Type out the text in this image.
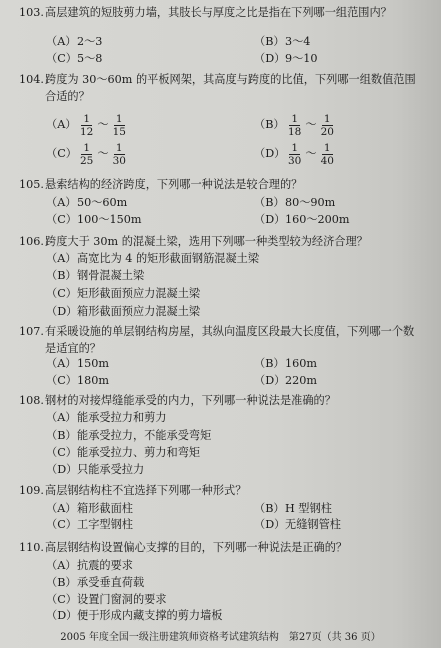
103. 高层建筑的短肢剪力墙，其肢长与厚度之比是指在下列哪一组范围内？
（A）2～3	（B）3～4
（C）5～8	（D）9～10
104. 跨度为 30～60m 的平板网架，其高度与跨度的比值，下列哪一组数值范围
合适的？
$(A) \frac{1}{12}$ ～ $\frac{1}{15}$	$(B) \frac{1}{18}$ ～ $\frac{1}{20}$
$(C) \frac{1}{25}$ ～ $\frac{1}{30}$	$(D) \frac{1}{30}$ ～ $\frac{1}{40}$
105. 悬索结构的经济跨度，下列哪一种说法是较合理的？
（A）50～60m	（B）80～90m
（C）100～150m	（D）160～200m
106. 跨度大于 30m 的混凝土梁，选用下列哪一种类型较为经济合理？
（A）高宽比为 4 的矩形截面钢筋混凝土梁
（B）钢骨混凝土梁
（C）矩形截面预应力混凝土梁
（D）箱形截面预应力混凝土梁
107. 有采暖设施的单层钢结构房屋，其纵向温度区段最大长度值，下列哪一个数
是适宜的？
（A）150m	（B）160m
（C）180m	（D）220m
108. 钢材的对接焊缝能承受的内力，下列哪一种说法是准确的？
（A）能承受拉力和剪力
（B）能承受拉力，不能承受弯矩
（C）能承受拉力、剪力和弯矩
（D）只能承受拉力
109. 高层钢结构柱不宜选择下列哪一种形式？
（A）箱形截面柱	（B）H 型钢柱
（C）工字型钢柱	（D）无缝钢管柱
110. 高层钢结构设置偏心支撑的目的，下列哪一种说法是正确的？
（A）抗震的要求
（B）承受垂直荷载
（C）设置门窗洞的要求
（D）便于形成内藏支撑的剪力墙板
2005 年度全国一级注册建筑师资格考试建筑结构　第27页（共 36 页）
